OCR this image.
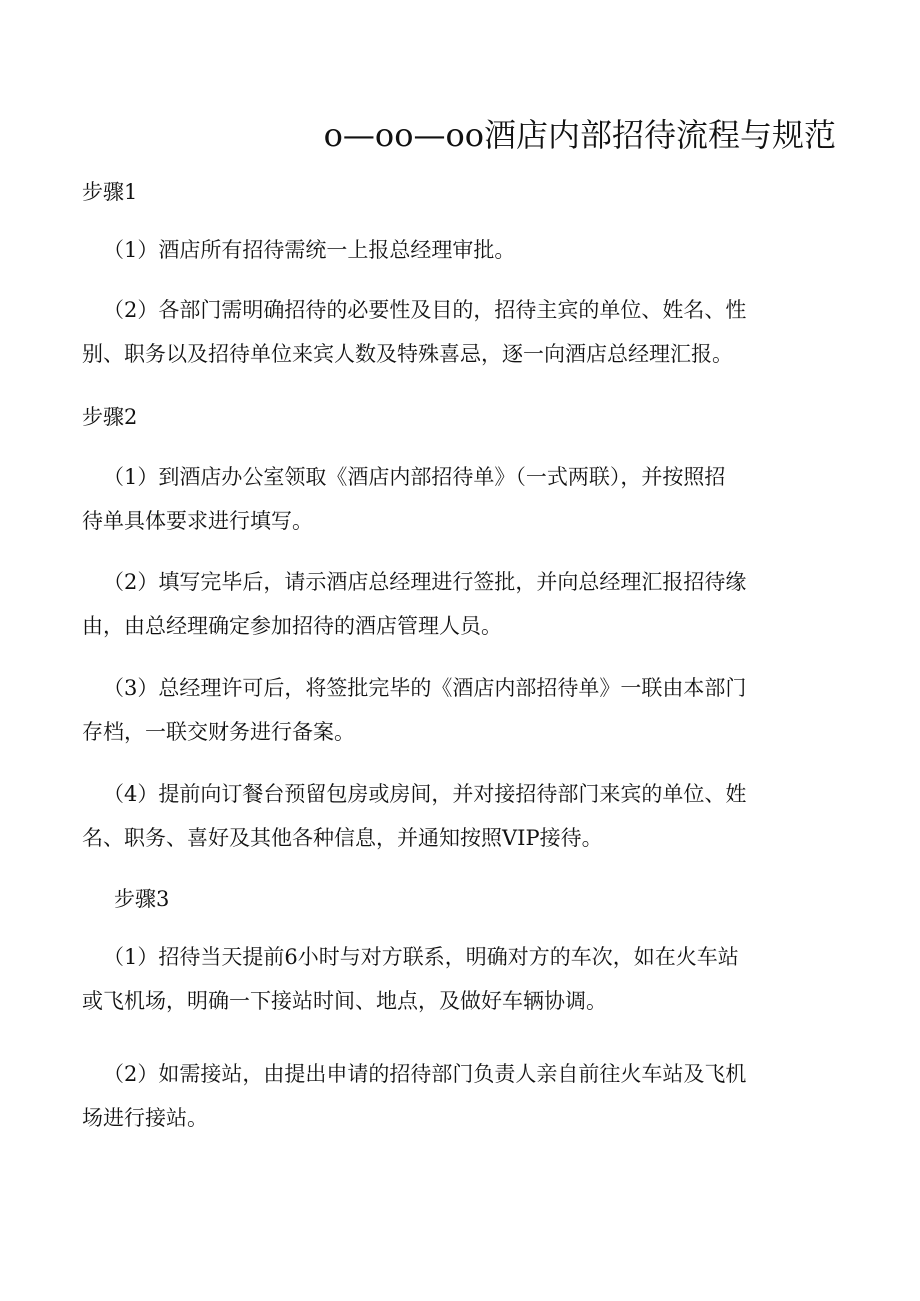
o—oo—oo酒店内部招待流程与规范
步骤1
（1）酒店所有招待需统一上报总经理审批。
（2）各部门需明确招待的必要性及目的，招待主宾的单位、姓名、性
别、职务以及招待单位来宾人数及特殊喜忌，逐一向酒店总经理汇报。
步骤2
（1）到酒店办公室领取《酒店内部招待单》（一式两联），并按照招
待单具体要求进行填写。
（2）填写完毕后，请示酒店总经理进行签批，并向总经理汇报招待缘
由，由总经理确定参加招待的酒店管理人员。
（3）总经理许可后，将签批完毕的《酒店内部招待单》一联由本部门
存档，一联交财务进行备案。
（4）提前向订餐台预留包房或房间，并对接招待部门来宾的单位、姓
名、职务、喜好及其他各种信息，并通知按照VIP接待。
步骤3
（1）招待当天提前6小时与对方联系，明确对方的车次，如在火车站
或飞机场，明确一下接站时间、地点，及做好车辆协调。
（2）如需接站，由提出申请的招待部门负责人亲自前往火车站及飞机
场进行接站。
